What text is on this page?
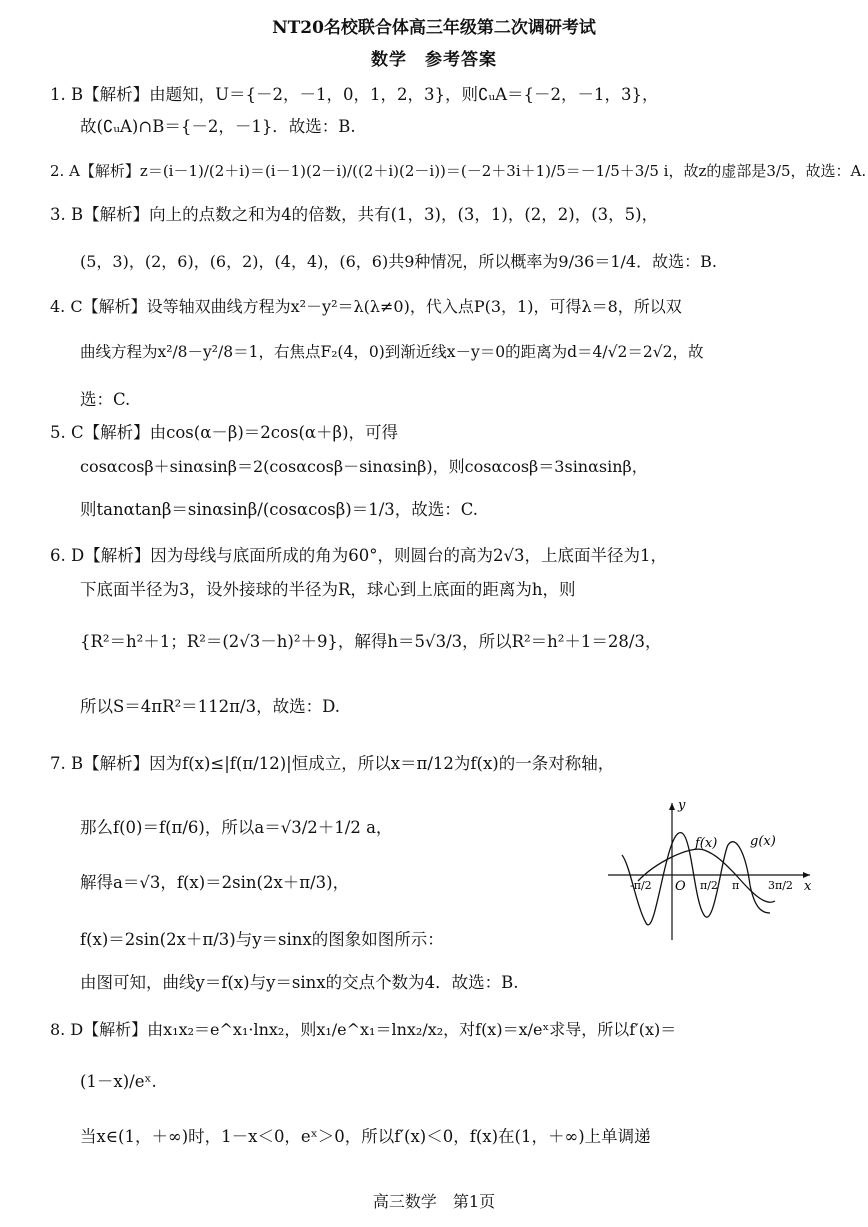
NT20名校联合体高三年级第二次调研考试
数学　参考答案
1. B【解析】由题知，U＝{－2，－1，0，1，2，3}，则∁ᵤA＝{－2，－1，3}，
故(∁ᵤA)∩B＝{－2，－1}．故选：B.
2. A【解析】z＝(i－1)/(2＋i)＝(i－1)(2－i)/((2＋i)(2－i))＝(－2＋3i＋1)/5＝－1/5＋3/5 i，故z的虚部是3/5，故选：A.
3. B【解析】向上的点数之和为4的倍数，共有(1，3)，(3，1)，(2，2)，(3，5)，
(5，3)，(2，6)，(6，2)，(4，4)，(6，6)共9种情况，所以概率为9/36＝1/4．故选：B.
4. C【解析】设等轴双曲线方程为x²－y²＝λ(λ≠0)，代入点P(3，1)，可得λ＝8，所以双
曲线方程为x²/8－y²/8＝1，右焦点F₂(4，0)到渐近线x－y＝0的距离为d＝4/√2＝2√2，故
选：C.
5. C【解析】由cos(α－β)＝2cos(α＋β)，可得
cosαcosβ＋sinαsinβ＝2(cosαcosβ－sinαsinβ)，则cosαcosβ＝3sinαsinβ，
则tanαtanβ＝sinαsinβ/(cosαcosβ)＝1/3，故选：C.
6. D【解析】因为母线与底面所成的角为60°，则圆台的高为2√3，上底面半径为1，
下底面半径为3，设外接球的半径为R，球心到上底面的距离为h，则
{R²＝h²＋1；R²＝(2√3－h)²＋9}，解得h＝5√3/3，所以R²＝h²＋1＝28/3，
所以S＝4πR²＝112π/3，故选：D.
7. B【解析】因为f(x)≤|f(π/12)|恒成立，所以x＝π/12为f(x)的一条对称轴，
那么f(0)＝f(π/6)，所以a＝√3/2＋1/2 a，
解得a＝√3，f(x)＝2sin(2x＋π/3)，
f(x)＝2sin(2x＋π/3)与y＝sinx的图象如图所示：
由图可知，曲线y＝f(x)与y＝sinx的交点个数为4．故选：B.
8. D【解析】由x₁x₂＝e^x₁·lnx₂，则x₁/e^x₁＝lnx₂/x₂，对f(x)＝x/eˣ求导，所以f′(x)＝
(1－x)/eˣ.
当x∈(1，＋∞)时，1－x＜0，eˣ＞0，所以f′(x)＜0，f(x)在(1，＋∞)上单调递
y
x
O
f(x)	g(x)
-π/2	π/2 π	3π/2
高三数学　第1页
